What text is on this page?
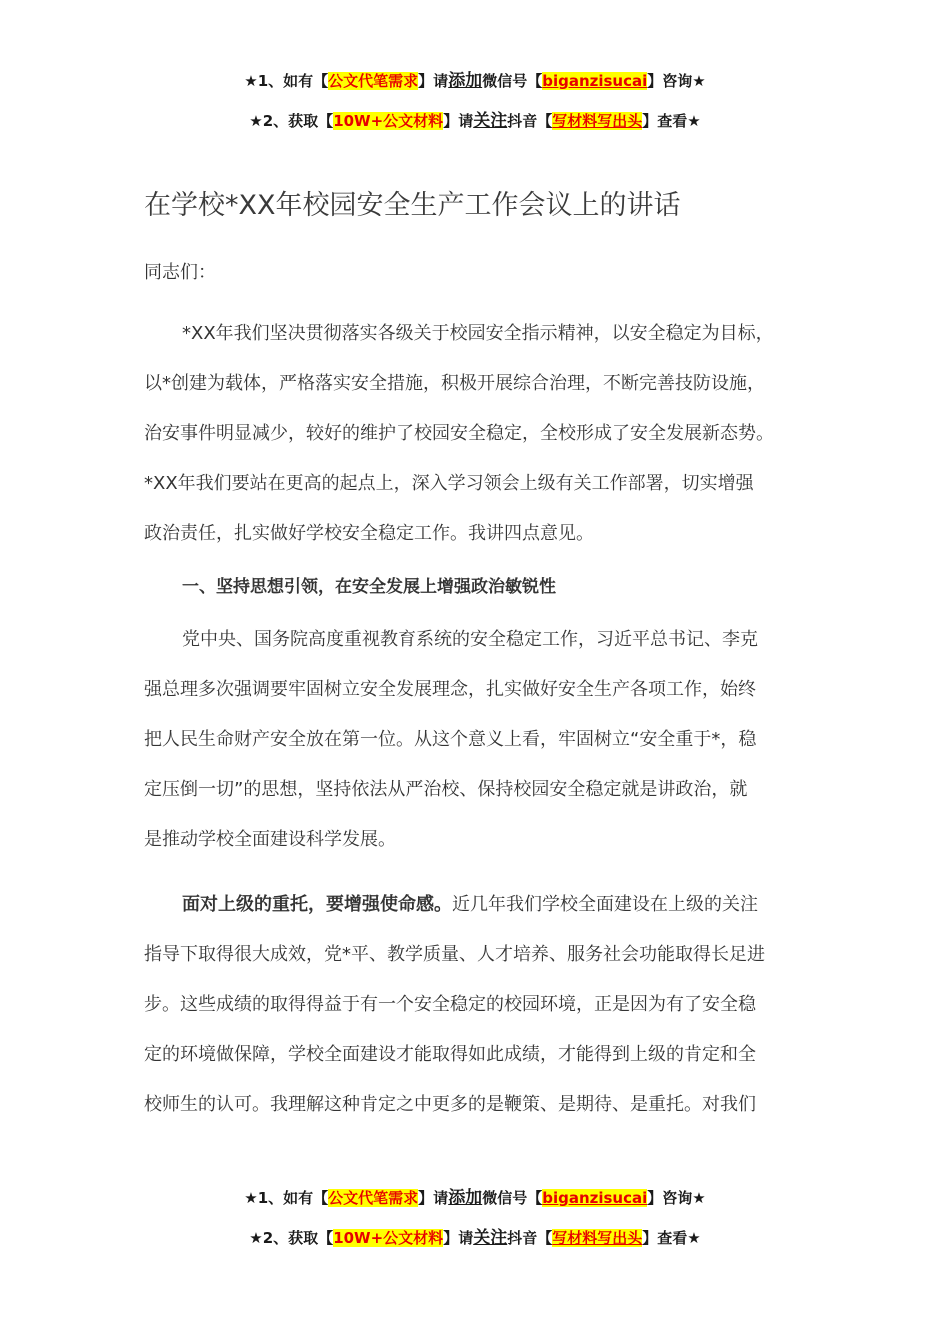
★1、如有【公文代笔需求】请添加微信号【biganzisucai】咨询★
★2、获取【10W+公文材料】请关注抖音【写材料写出头】查看★
在学校*XX年校园安全生产工作会议上的讲话
同志们：
*XX年我们坚决贯彻落实各级关于校园安全指示精神，以安全稳定为目标，
以*创建为载体，严格落实安全措施，积极开展综合治理，不断完善技防设施，
治安事件明显减少，较好的维护了校园安全稳定，全校形成了安全发展新态势。
*XX年我们要站在更高的起点上，深入学习领会上级有关工作部署，切实增强
政治责任，扎实做好学校安全稳定工作。我讲四点意见。
一、坚持思想引领，在安全发展上增强政治敏锐性
党中央、国务院高度重视教育系统的安全稳定工作，习近平总书记、李克
强总理多次强调要牢固树立安全发展理念，扎实做好安全生产各项工作，始终
把人民生命财产安全放在第一位。从这个意义上看，牢固树立“安全重于*，稳
定压倒一切”的思想，坚持依法从严治校、保持校园安全稳定就是讲政治，就
是推动学校全面建设科学发展。
面对上级的重托，要增强使命感。近几年我们学校全面建设在上级的关注
指导下取得很大成效，党*平、教学质量、人才培养、服务社会功能取得长足进
步。这些成绩的取得得益于有一个安全稳定的校园环境，正是因为有了安全稳
定的环境做保障，学校全面建设才能取得如此成绩，才能得到上级的肯定和全
校师生的认可。我理解这种肯定之中更多的是鞭策、是期待、是重托。对我们
★1、如有【公文代笔需求】请添加微信号【biganzisucai】咨询★
★2、获取【10W+公文材料】请关注抖音【写材料写出头】查看★
